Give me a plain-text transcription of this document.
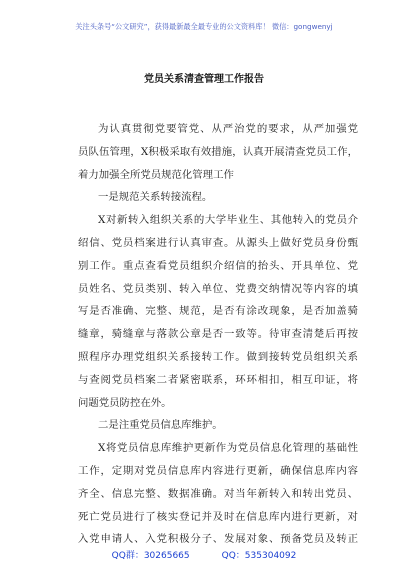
关注头条号“公文研究”，获得最新最全最专业的公文资料库！ 微信：gongwenyj
党员关系清查管理工作报告
为认真贯彻党要管党、从严治党的要求，从严加强党
员队伍管理，X积极采取有效措施，认真开展清查党员工作，
着力加强全所党员规范化管理工作
一是规范关系转接流程。
X对新转入组织关系的大学毕业生、其他转入的党员介
绍信、党员档案进行认真审查。从源头上做好党员身份甄
别工作。重点查看党员组织介绍信的抬头、开具单位、党
员姓名、党员类别、转入单位、党费交纳情况等内容的填
写是否准确、完整、规范，是否有涂改现象，是否加盖骑
缝章，骑缝章与落款公章是否一致等。待审查清楚后再按
照程序办理党组织关系接转工作。做到接转党员组织关系
与查阅党员档案二者紧密联系，环环相扣，相互印证，将
问题党员防控在外。
二是注重党员信息库维护。
X将党员信息库维护更新作为党员信息化管理的基础性
工作，定期对党员信息库内容进行更新，确保信息库内容
齐全、信息完整、数据准确。对当年新转入和转出党员、
死亡党员进行了核实登记并及时在信息库内进行更新，对
入党申请人、入党积极分子、发展对象、预备党员及转正
QQ群：30265665	QQ：535304092
